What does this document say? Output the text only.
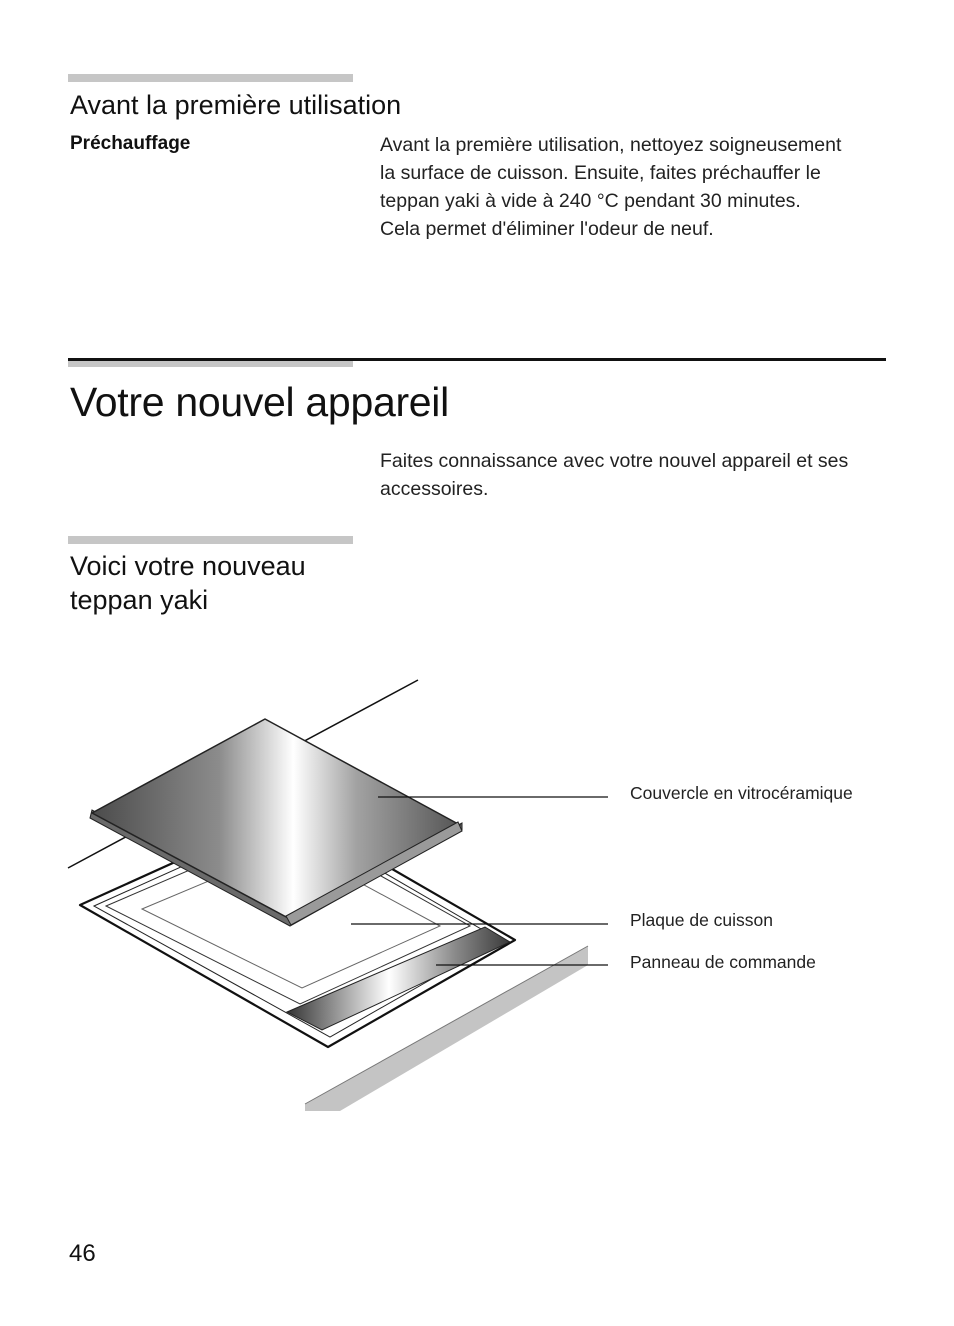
Avant la première utilisation
Préchauffage	Avant la première utilisation, nettoyez soigneusement
la surface de cuisson. Ensuite, faites préchauffer le
teppan yaki à vide à 240 °C pendant 30 minutes.
Cela permet d'éliminer l'odeur de neuf.
Votre nouvel appareil
Faites connaissance avec votre nouvel appareil et ses
accessoires.
Voici votre nouveau
teppan yaki
Couvercle en vitrocéramique
Plaque de cuisson
Panneau de commande
46
